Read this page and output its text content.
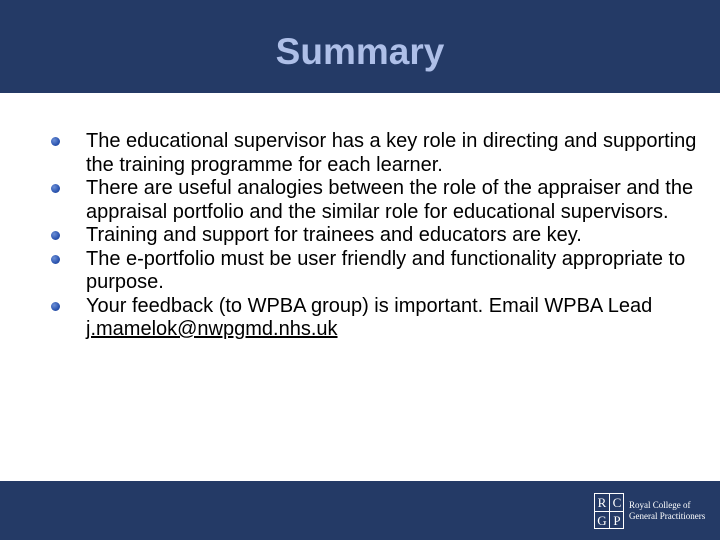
Summary
The educational supervisor has a key role in directing and supporting the training programme for each learner.
There are useful analogies between the role of the appraiser and the appraisal portfolio and the similar role for educational supervisors.
Training and support for trainees and educators are key.
The e-portfolio must be user friendly and functionality appropriate to purpose.
Your feedback (to WPBA group) is important. Email WPBA Lead j.mamelok@nwpgmd.nhs.uk
R C
G P
Royal College of
General Practitioners
